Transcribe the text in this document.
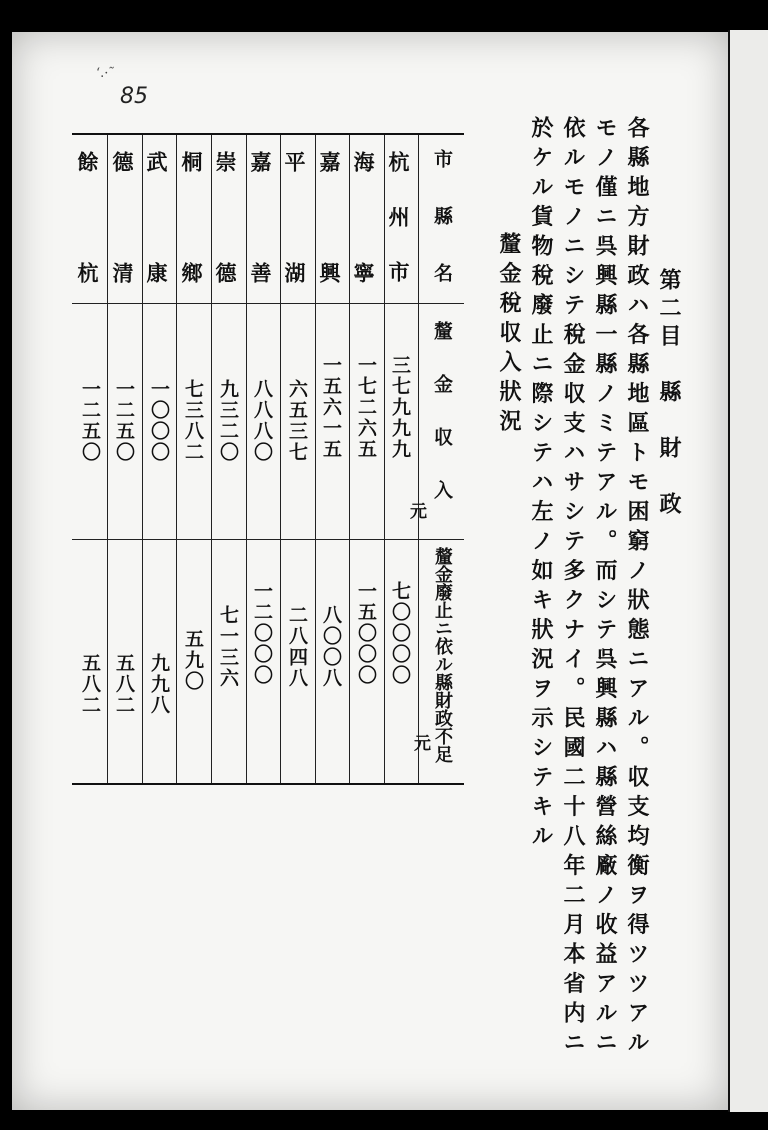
‘.·˜
85
各縣地方財政ハ各縣地區トモ困窮ノ狀態ニアル。収支均衡ヲ得ツツアル
モノ僅ニ呉興縣一縣ノミテアル。而シテ呉興縣ハ縣營絲廠ノ收益アルニ
依ルモノニシテ稅金収支ハサシテ多クナイ。民國二十八年二月本省内ニ
於ケル貨物稅廢止ニ際シテハ左ノ如キ狀況ヲ示シテキル
釐金稅収入狀況	第二目　縣　財　政
市縣名
釐金収入
釐金廢止ニ依ル縣財政不足
杭州市
三七九九九
七〇〇〇〇
海寧
一七二六五
一五〇〇〇
嘉興
一五六一五
八〇〇八
平湖
六五三七
二八四八
嘉善
八八八〇
一二〇〇〇
崇德
九三二〇
七一三六
桐鄉
七三八二
五九〇
武康
一〇〇〇
九九八
德清
一二五〇
五八二
餘杭
一二五〇
五八二
元
元
